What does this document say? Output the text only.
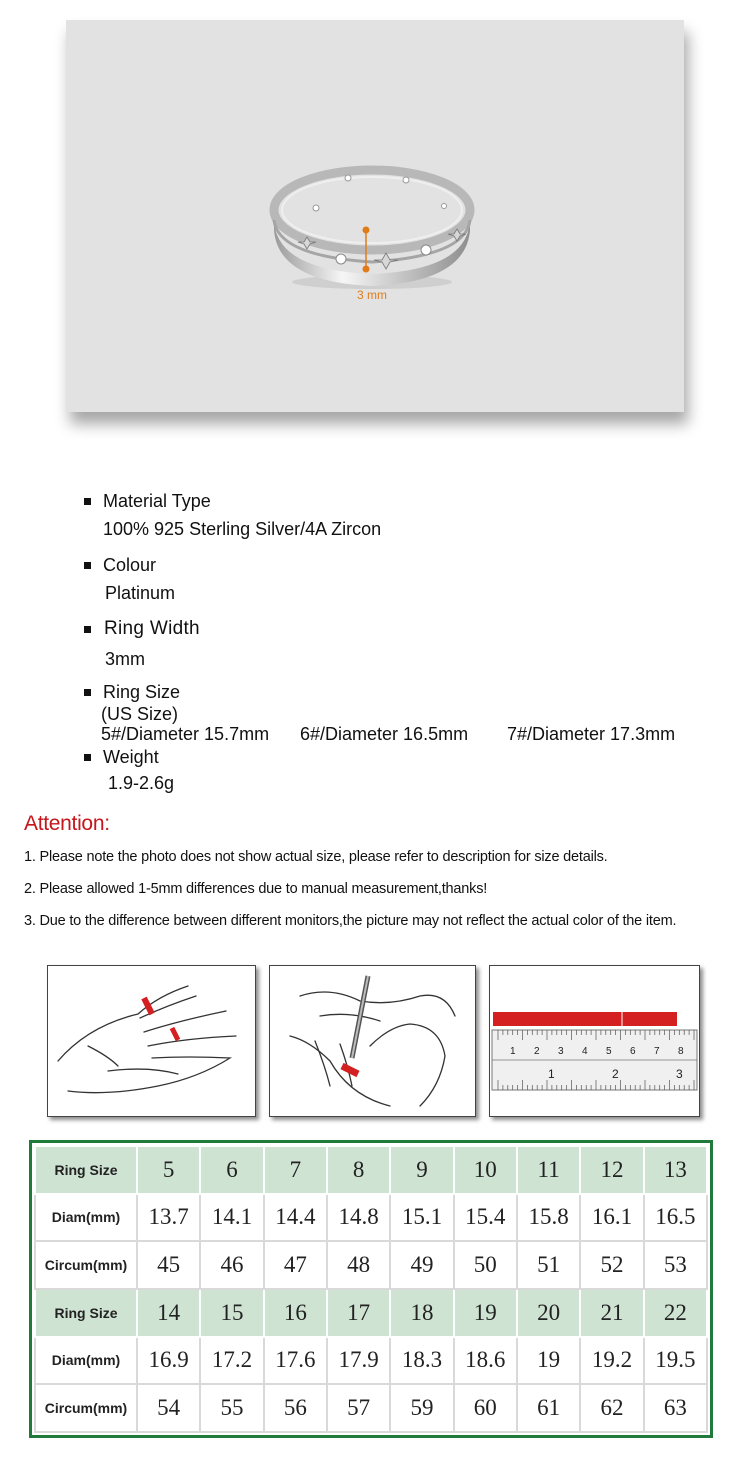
3 mm
Material Type
100% 925 Sterling Silver/4A Zircon
Colour
Platinum
Ring Width
3mm
Ring Size
(US Size)
5#/Diameter 15.7mm 6#/Diameter 16.5mm 7#/Diameter 17.3mm
Weight
1.9-2.6g
Attention:
1. Please note the photo does not show actual size, please refer to description for size details.
2. Please allowed 1-5mm differences due to manual measurement,thanks!
3. Due to the difference between different monitors,the picture may not reflect the actual color of the item.
1 2 3 4 5 6 7 8
1	2	3
Ring Size	5	6	7	8	9	10	11	12	13
Diam(mm)	13.7	14.1	14.4	14.8	15.1	15.4	15.8	16.1	16.5
Circum(mm)	45	46	47	48	49	50	51	52	53
Ring Size	14	15	16	17	18	19	20	21	22
Diam(mm)	16.9	17.2	17.6	17.9	18.3	18.6	19	19.2	19.5
Circum(mm)	54	55	56	57	59	60	61	62	63
